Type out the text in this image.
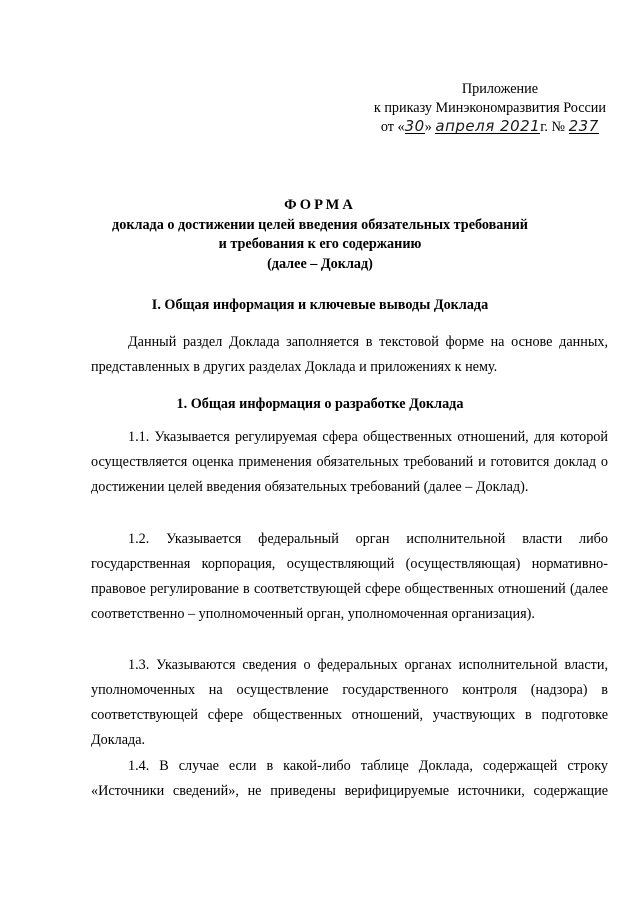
Приложение
к приказу Минэкономразвития России
от «30» апреля 2021г. № 237
ФОРМА
доклада о достижении целей введения обязательных требований
и требования к его содержанию
(далее – Доклад)
I. Общая информация и ключевые выводы Доклада
Данный раздел Доклада заполняется в текстовой форме на основе данных, представленных в других разделах Доклада и приложениях к нему.
1. Общая информация о разработке Доклада
1.1. Указывается регулируемая сфера общественных отношений, для которой осуществляется оценка применения обязательных требований и готовится доклад о достижении целей введения обязательных требований (далее – Доклад).
1.2. Указывается федеральный орган исполнительной власти либо государственная корпорация, осуществляющий (осуществляющая) нормативно-правовое регулирование в соответствующей сфере общественных отношений (далее соответственно – уполномоченный орган, уполномоченная организация).
1.3. Указываются сведения о федеральных органах исполнительной власти, уполномоченных на осуществление государственного контроля (надзора) в соответствующей сфере общественных отношений, участвующих в подготовке Доклада.
1.4. В случае если в какой-либо таблице Доклада, содержащей строку «Источники сведений», не приведены верифицируемые источники, содержащие
